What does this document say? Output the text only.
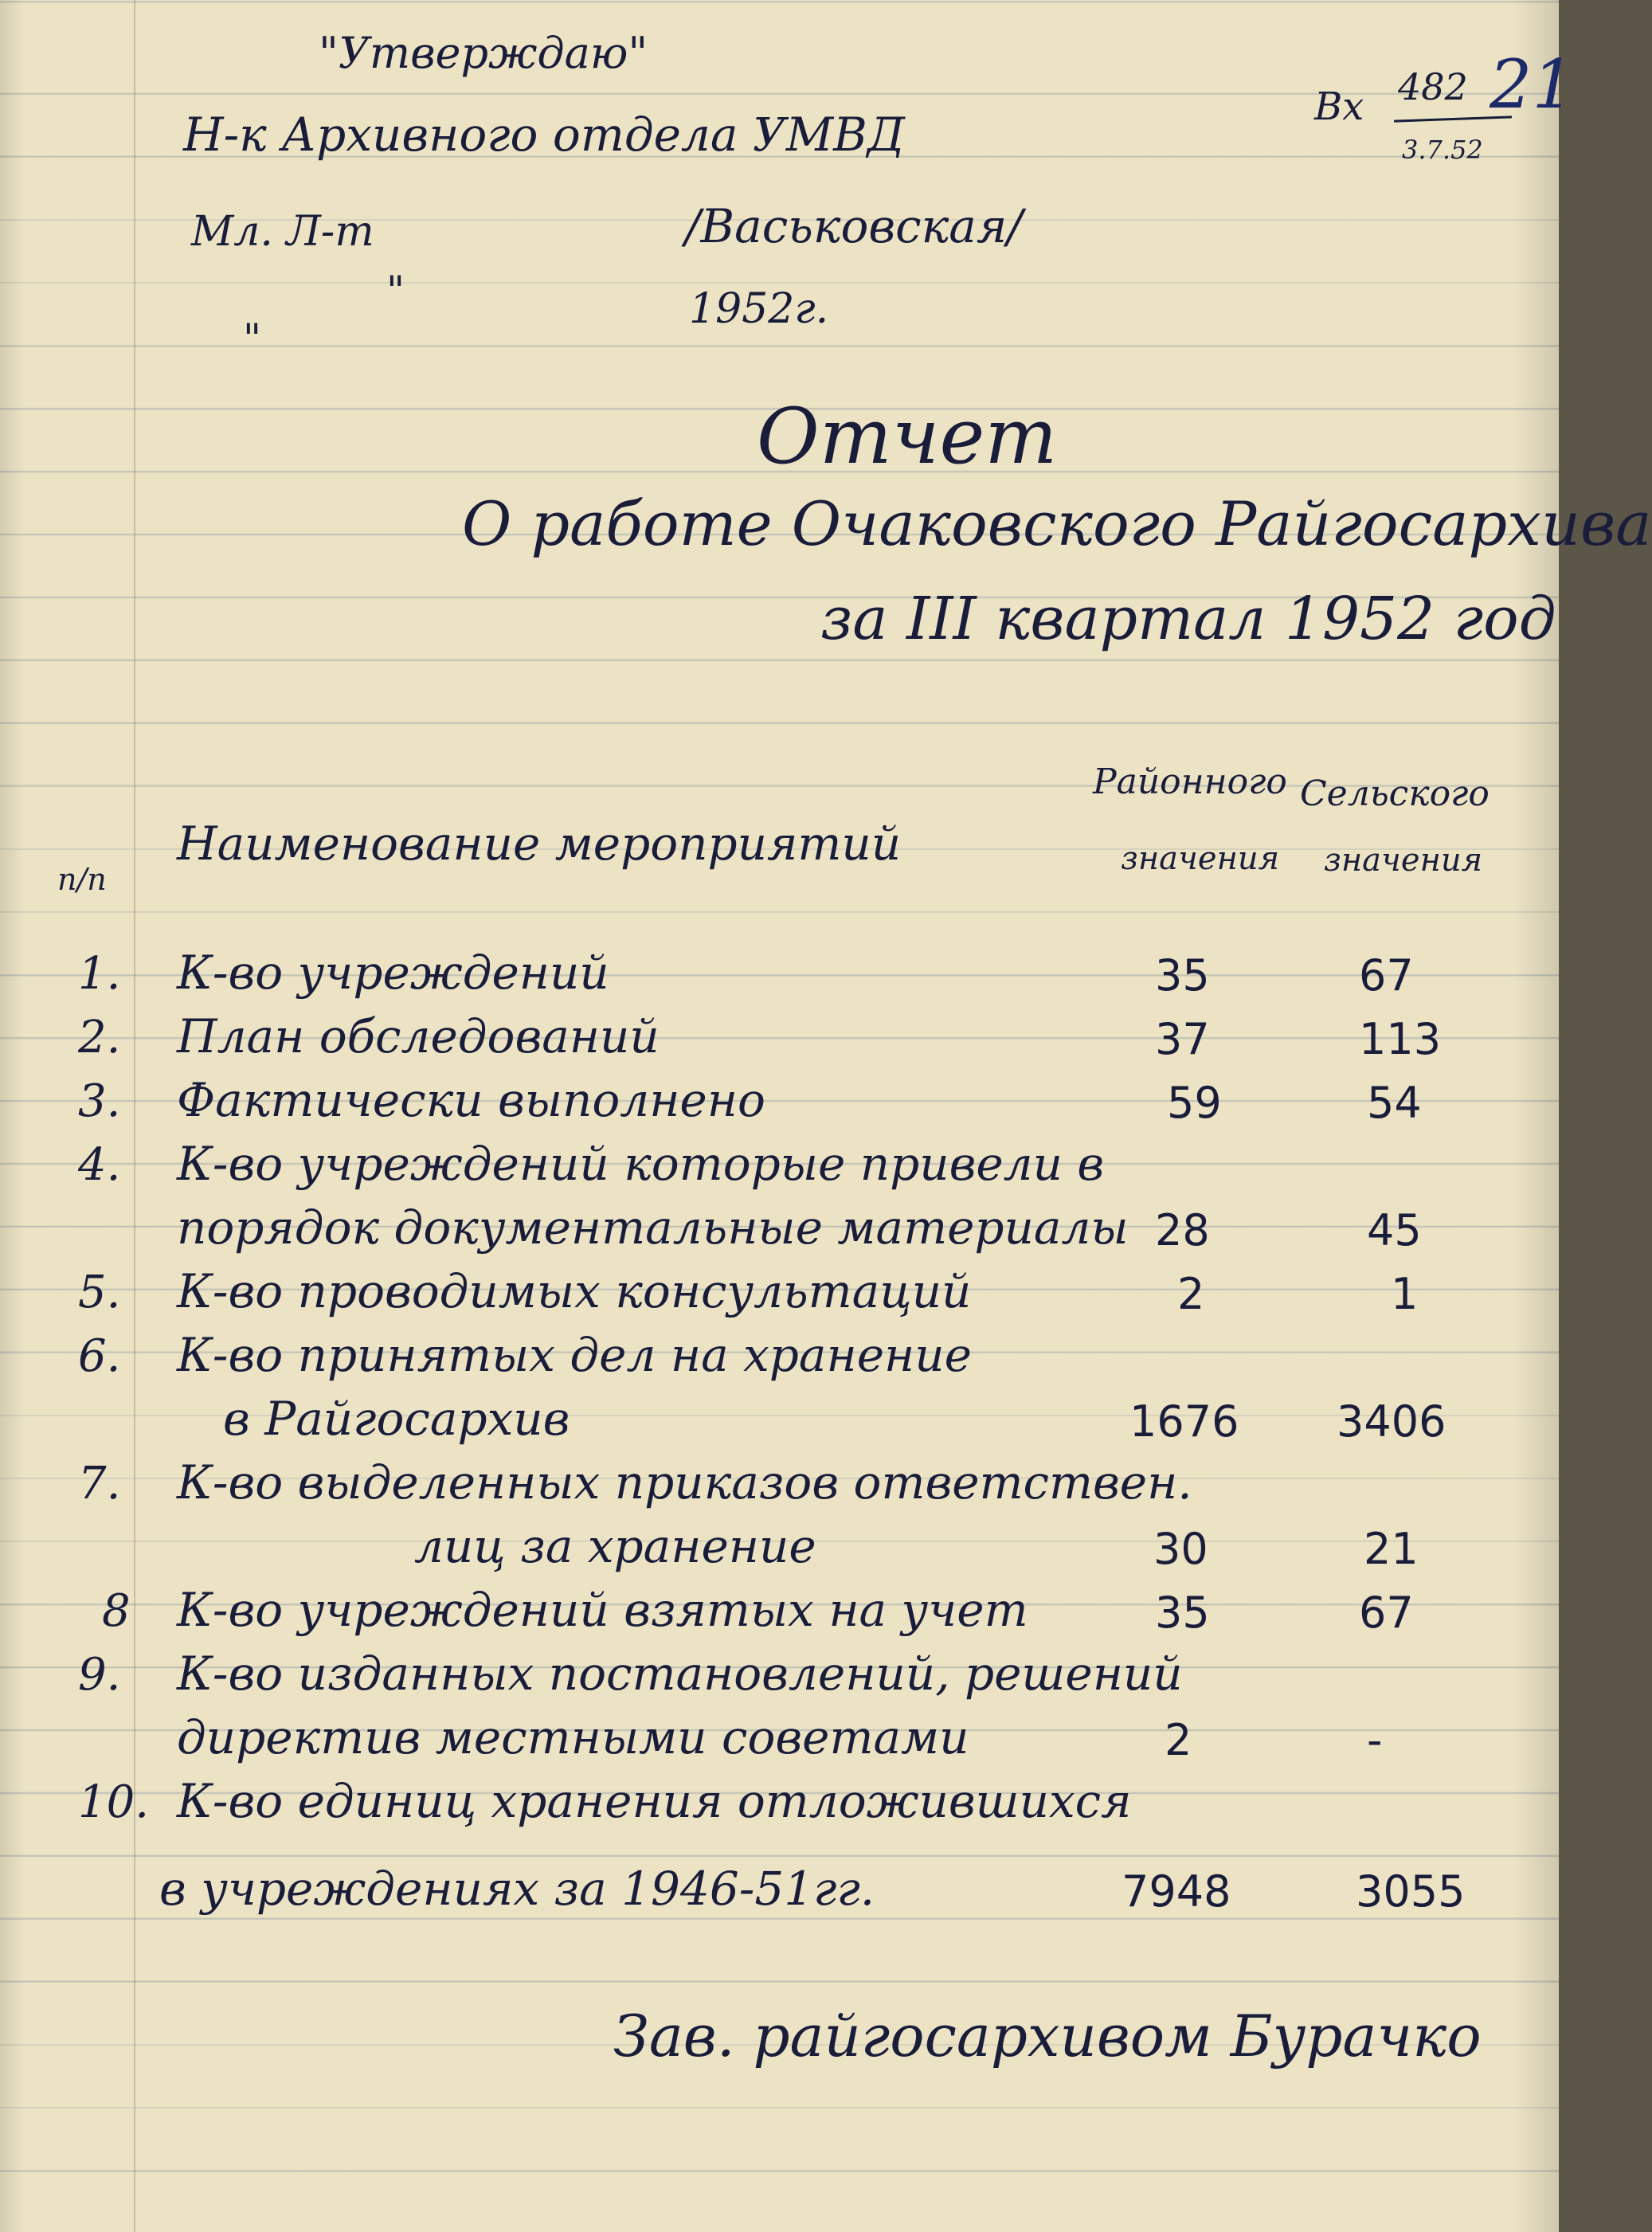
"Утверждаю"
Н-к Архивного отдела УМВД
Мл. Л-т	/Васьковская/
"	1952г.
"
Вх 482
3.7.52
21
Отчет
О работе Очаковского Райгосархива
за III квартал 1952 год
п/п
Наименование мероприятий
Районного
значения
Сельского
значения
1. К-во учреждений	35	67
2. План обследований	37	113
3. Фактически выполнено	59	54
4. К-во учреждений которые привели в
порядок документальные материалы 28	45
5. К-во проводимых консультаций	2	1
6. К-во принятых дел на хранение
в Райгосархив	1676 3406
7. К-во выделенных приказов ответствен.
лиц за хранение	30	21
8 К-во учреждений взятых на учет	35	67
9. К-во изданных постановлений, решений
директив местными советами	2	-
10. К-во единиц хранения отложившихся
в учреждениях за 1946-51гг.	7948	3055
Зав. райгосархивом Бурачко
